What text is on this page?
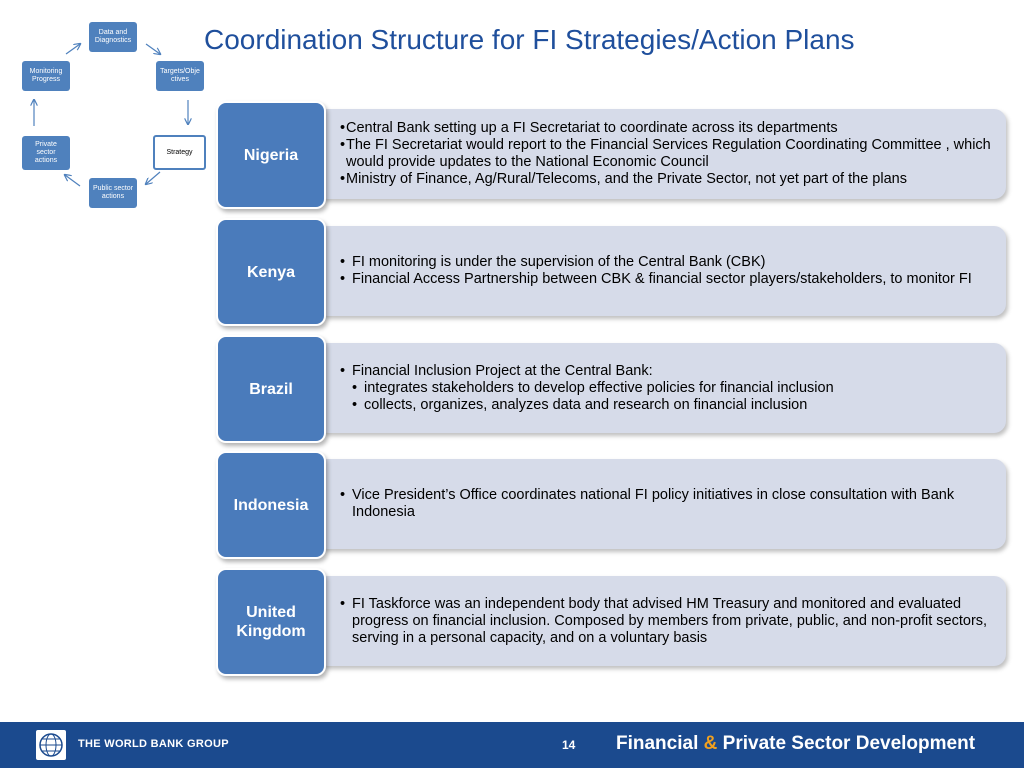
Coordination Structure for FI Strategies/Action Plans
Data and
Diagnostics
Targets/Obje
ctives
Strategy
Public sector
actions
Private
sector
actions
Monitoring
Progress
• Central Bank setting up a FI Secretariat to coordinate across its departments
• The FI Secretariat would report to the Financial Services Regulation Coordinating Committee , which would provide updates to the National Economic Council
• Ministry of Finance, Ag/Rural/Telecoms, and the Private Sector, not yet part of the plans
Nigeria
• FI monitoring is under the supervision of the Central Bank (CBK)
• Financial Access Partnership between CBK & financial sector players/stakeholders, to monitor FI
Kenya
• Financial Inclusion Project at the Central Bank:
• integrates stakeholders to develop effective policies for financial inclusion
• collects, organizes, analyzes data and research on financial inclusion
Brazil
• Vice President’s Office coordinates national FI policy initiatives in close consultation with Bank Indonesia
Indonesia
• FI Taskforce was an independent body that advised HM Treasury and monitored and evaluated progress on financial inclusion. Composed by members from private, public, and non-profit sectors, serving in a personal capacity, and on a voluntary basis
United Kingdom
THE WORLD BANK GROUP	14 Financial & Private Sector Development
